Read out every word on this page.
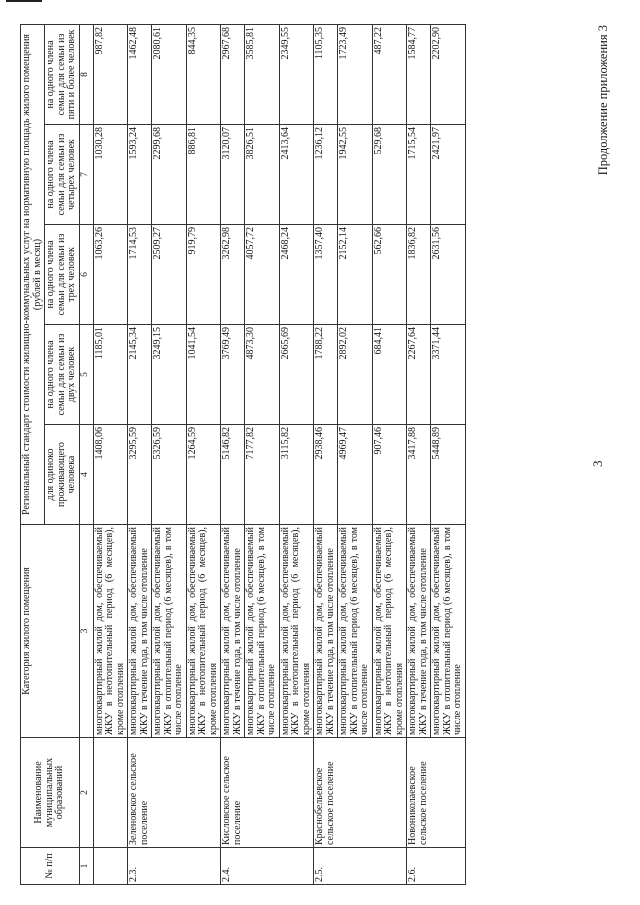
3
Продолжение приложения 3
№ п/п	Наименование муниципальных образований	Категория жилого помещения	Региональный стандарт стоимости жилищно-коммунальных услуг на нормативную площадь жилого помещения (рублей в месяц)				
			для одиноко проживающего человека	на одного члена семьи для семьи из двух человек	на одного члена семьи для семьи из трех человек	на одного члена семьи для семьи из четырех человек	на одного члена семьи для семьи из пяти и более человек
1	2	3	4	5	6	7	8
		многоквартирный жилой дом, обеспечиваемый ЖКУ в неотопительный период (6 месяцев), кроме отопления	1408,06	1185,01	1063,26	1030,28	987,82
2.3.	Зеленовское сельское поселение	многоквартирный жилой дом, обеспечиваемый ЖКУ в течение года, в том числе отопление	3295,59	2145,34	1714,53	1593,24	1462,48
		многоквартирный жилой дом, обеспечиваемый ЖКУ в отопительный период (6 месяцев), в том числе отопление	5326,59	3249,15	2509,27	2299,68	2080,61
		многоквартирный жилой дом, обеспечиваемый ЖКУ в неотопительный период (6 месяцев), кроме отопления	1264,59	1041,54	919,79	886,81	844,35
2.4.	Кисловское сельское поселение	многоквартирный жилой дом, обеспечиваемый ЖКУ в течение года, в том числе отопление	5146,82	3769,49	3262,98	3120,07	2967,68
		многоквартирный жилой дом, обеспечиваемый ЖКУ в отопительный период (6 месяцев), в том числе отопление	7177,82	4873,30	4057,72	3826,51	3585,81
		многоквартирный жилой дом, обеспечиваемый ЖКУ в неотопительный период (6 месяцев), кроме отопления	3115,82	2665,69	2468,24	2413,64	2349,55
2.5.	Краснобельевское сельское поселение	многоквартирный жилой дом, обеспечиваемый ЖКУ в течение года, в том числе отопление	2938,46	1788,22	1357,40	1236,12	1105,35
		многоквартирный жилой дом, обеспечиваемый ЖКУ в отопительный период (6 месяцев), в том числе отопление	4969,47	2892,02	2152,14	1942,55	1723,49
		многоквартирный жилой дом, обеспечиваемый ЖКУ в неотопительный период (6 месяцев), кроме отопления	907,46	684,41	562,66	529,68	487,22
2.6.	Новониколаевское сельское поселение	многоквартирный жилой дом, обеспечиваемый ЖКУ в течение года, в том числе отопление	3417,88	2267,64	1836,82	1715,54	1584,77
		многоквартирный жилой дом, обеспечиваемый ЖКУ в отопительный период (6 месяцев), в том числе отопление	5448,89	3371,44	2631,56	2421,97	2202,90
